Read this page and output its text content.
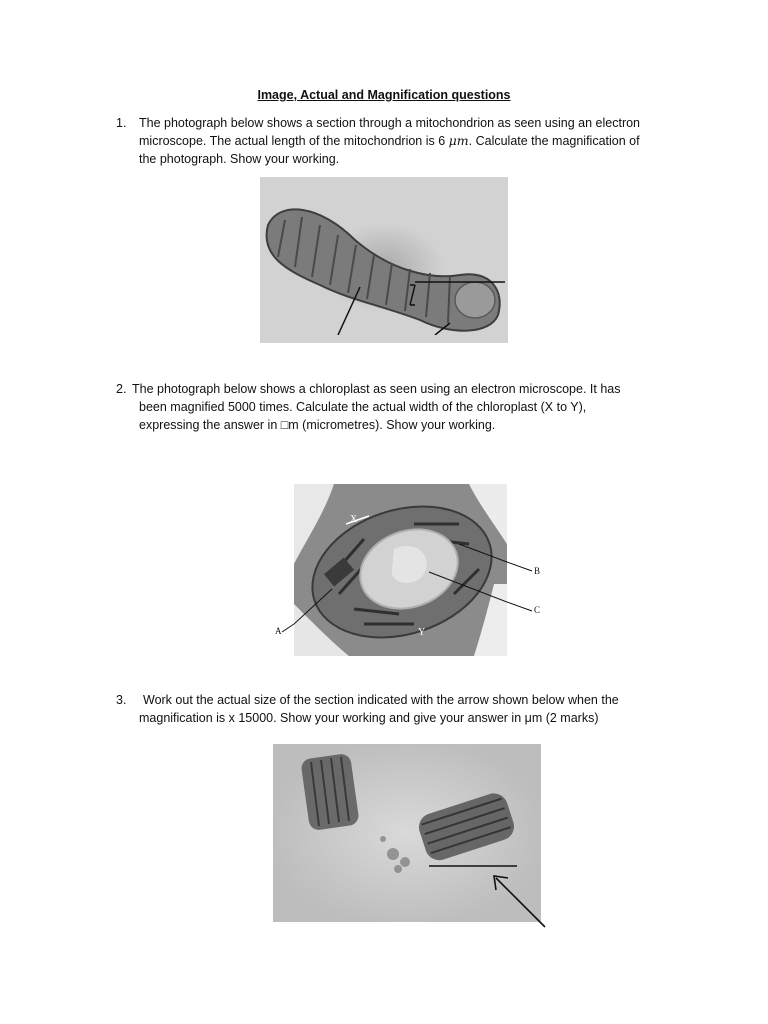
Image, Actual and Magnification questions
1. The photograph below shows a section through a mitochondrion as seen using an electron
microscope. The actual length of the mitochondrion is 6 μm. Calculate the magnification of
the photograph. Show your working.
2. The photograph below shows a chloroplast as seen using an electron microscope. It has
been magnified 5000 times. Calculate the actual width of the chloroplast (X to Y),
expressing the answer in □m (micrometres). Show your working.
X
Y
B
C
A
3. Work out the actual size of the section indicated with the arrow shown below when the
magnification is x 15000. Show your working and give your answer in μm (2 marks)
